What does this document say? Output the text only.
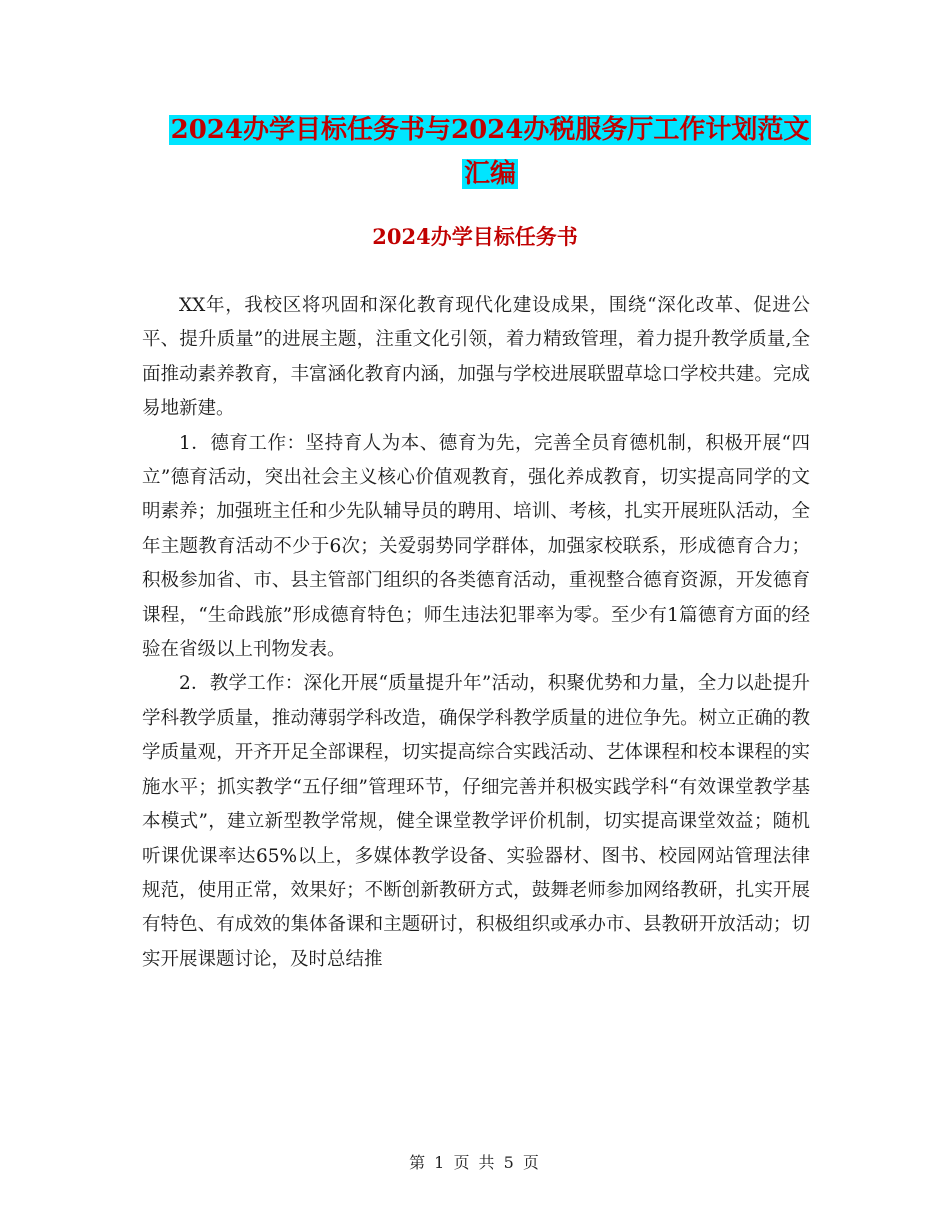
2024办学目标任务书与2024办税服务厅工作计划范文
汇编
2024办学目标任务书

XX年，我校区将巩固和深化教育现代化建设成果，围绕“深化改革、促进公平、提升质量”的进展主题，注重文化引领，着力精致管理，着力提升教学质量,全面推动素养教育，丰富涵化教育内涵，加强与学校进展联盟草埝口学校共建。完成易地新建。

1．德育工作：坚持育人为本、德育为先，完善全员育德机制，积极开展“四立”德育活动，突出社会主义核心价值观教育，强化养成教育，切实提高同学的文明素养；加强班主任和少先队辅导员的聘用、培训、考核，扎实开展班队活动，全年主题教育活动不少于6次；关爱弱势同学群体，加强家校联系，形成德育合力；积极参加省、市、县主管部门组织的各类德育活动，重视整合德育资源，开发德育课程，“生命践旅”形成德育特色；师生违法犯罪率为零。至少有1篇德育方面的经验在省级以上刊物发表。

2．教学工作：深化开展“质量提升年”活动，积聚优势和力量，全力以赴提升学科教学质量，推动薄弱学科改造，确保学科教学质量的进位争先。树立正确的教学质量观，开齐开足全部课程，切实提高综合实践活动、艺体课程和校本课程的实施水平；抓实教学“五仔细”管理环节，仔细完善并积极实践学科“有效课堂教学基本模式”，建立新型教学常规，健全课堂教学评价机制，切实提高课堂效益；随机听课优课率达65%以上，多媒体教学设备、实验器材、图书、校园网站管理法律规范，使用正常，效果好；不断创新教研方式，鼓舞老师参加网络教研，扎实开展有特色、有成效的集体备课和主题研讨，积极组织或承办市、县教研开放活动；切实开展课题讨论，及时总结推

第 1 页 共 5 页
